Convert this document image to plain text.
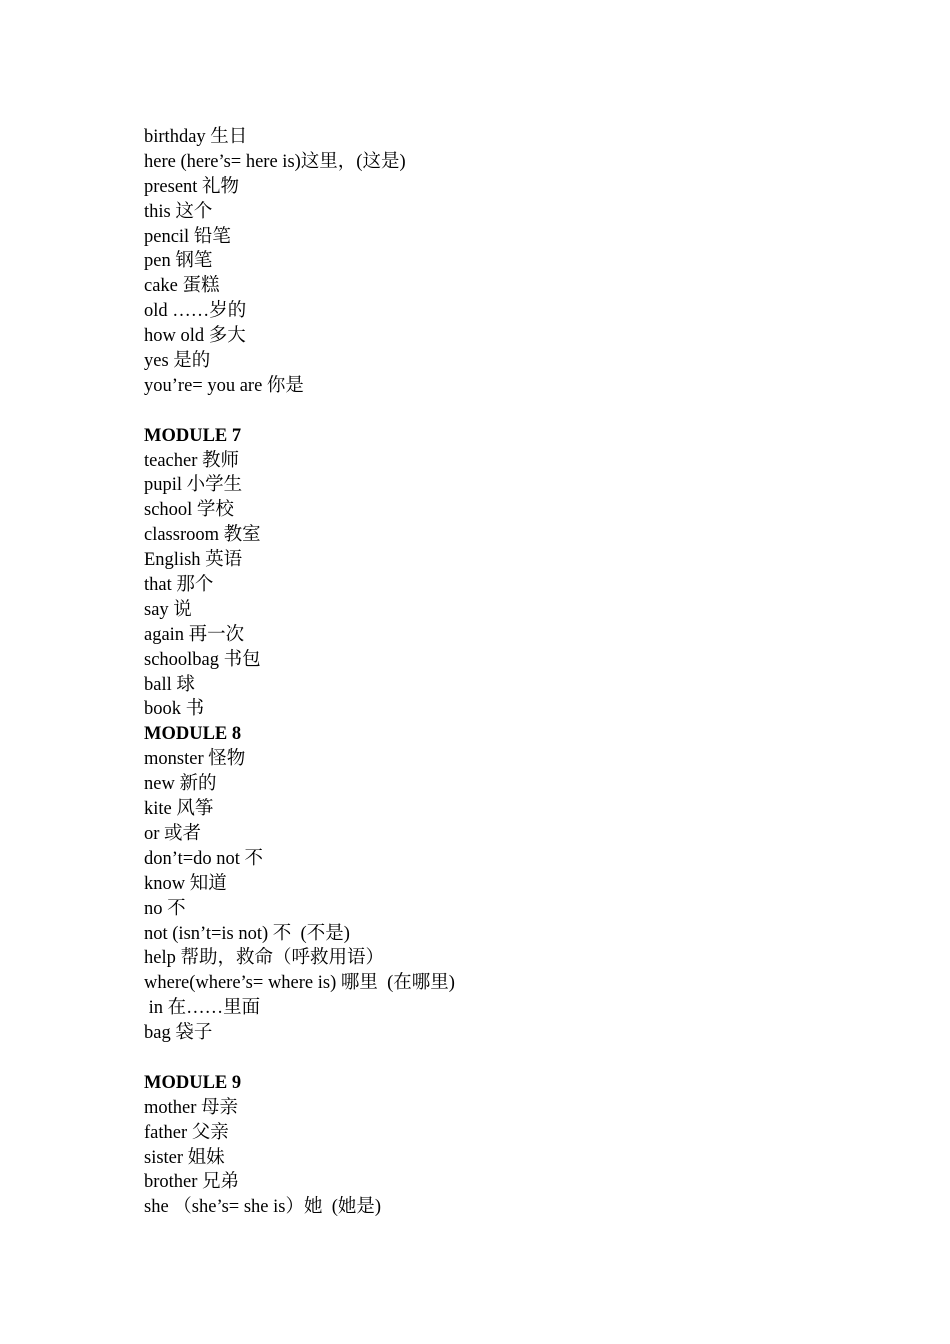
birthday 生日
here (here’s= here is)这里，(这是)
present 礼物
this 这个
pencil 铅笔
pen 钢笔
cake 蛋糕
old ……岁的
how old 多大
yes 是的
you’re= you are 你是
MODULE 7
teacher 教师
pupil 小学生
school 学校
classroom 教室
English 英语
that 那个
say 说
again 再一次
schoolbag 书包
ball 球
book 书
MODULE 8
monster 怪物
new 新的
kite 风筝
or 或者
don’t=do not 不
know 知道
no 不
not (isn’t=is not) 不  (不是)
help 帮助，救命（呼救用语）
where(where’s= where is) 哪里  (在哪里)
in 在……里面
bag 袋子
MODULE 9
mother 母亲
father 父亲
sister 姐妹
brother 兄弟
she （she’s= she is）她  (她是)
